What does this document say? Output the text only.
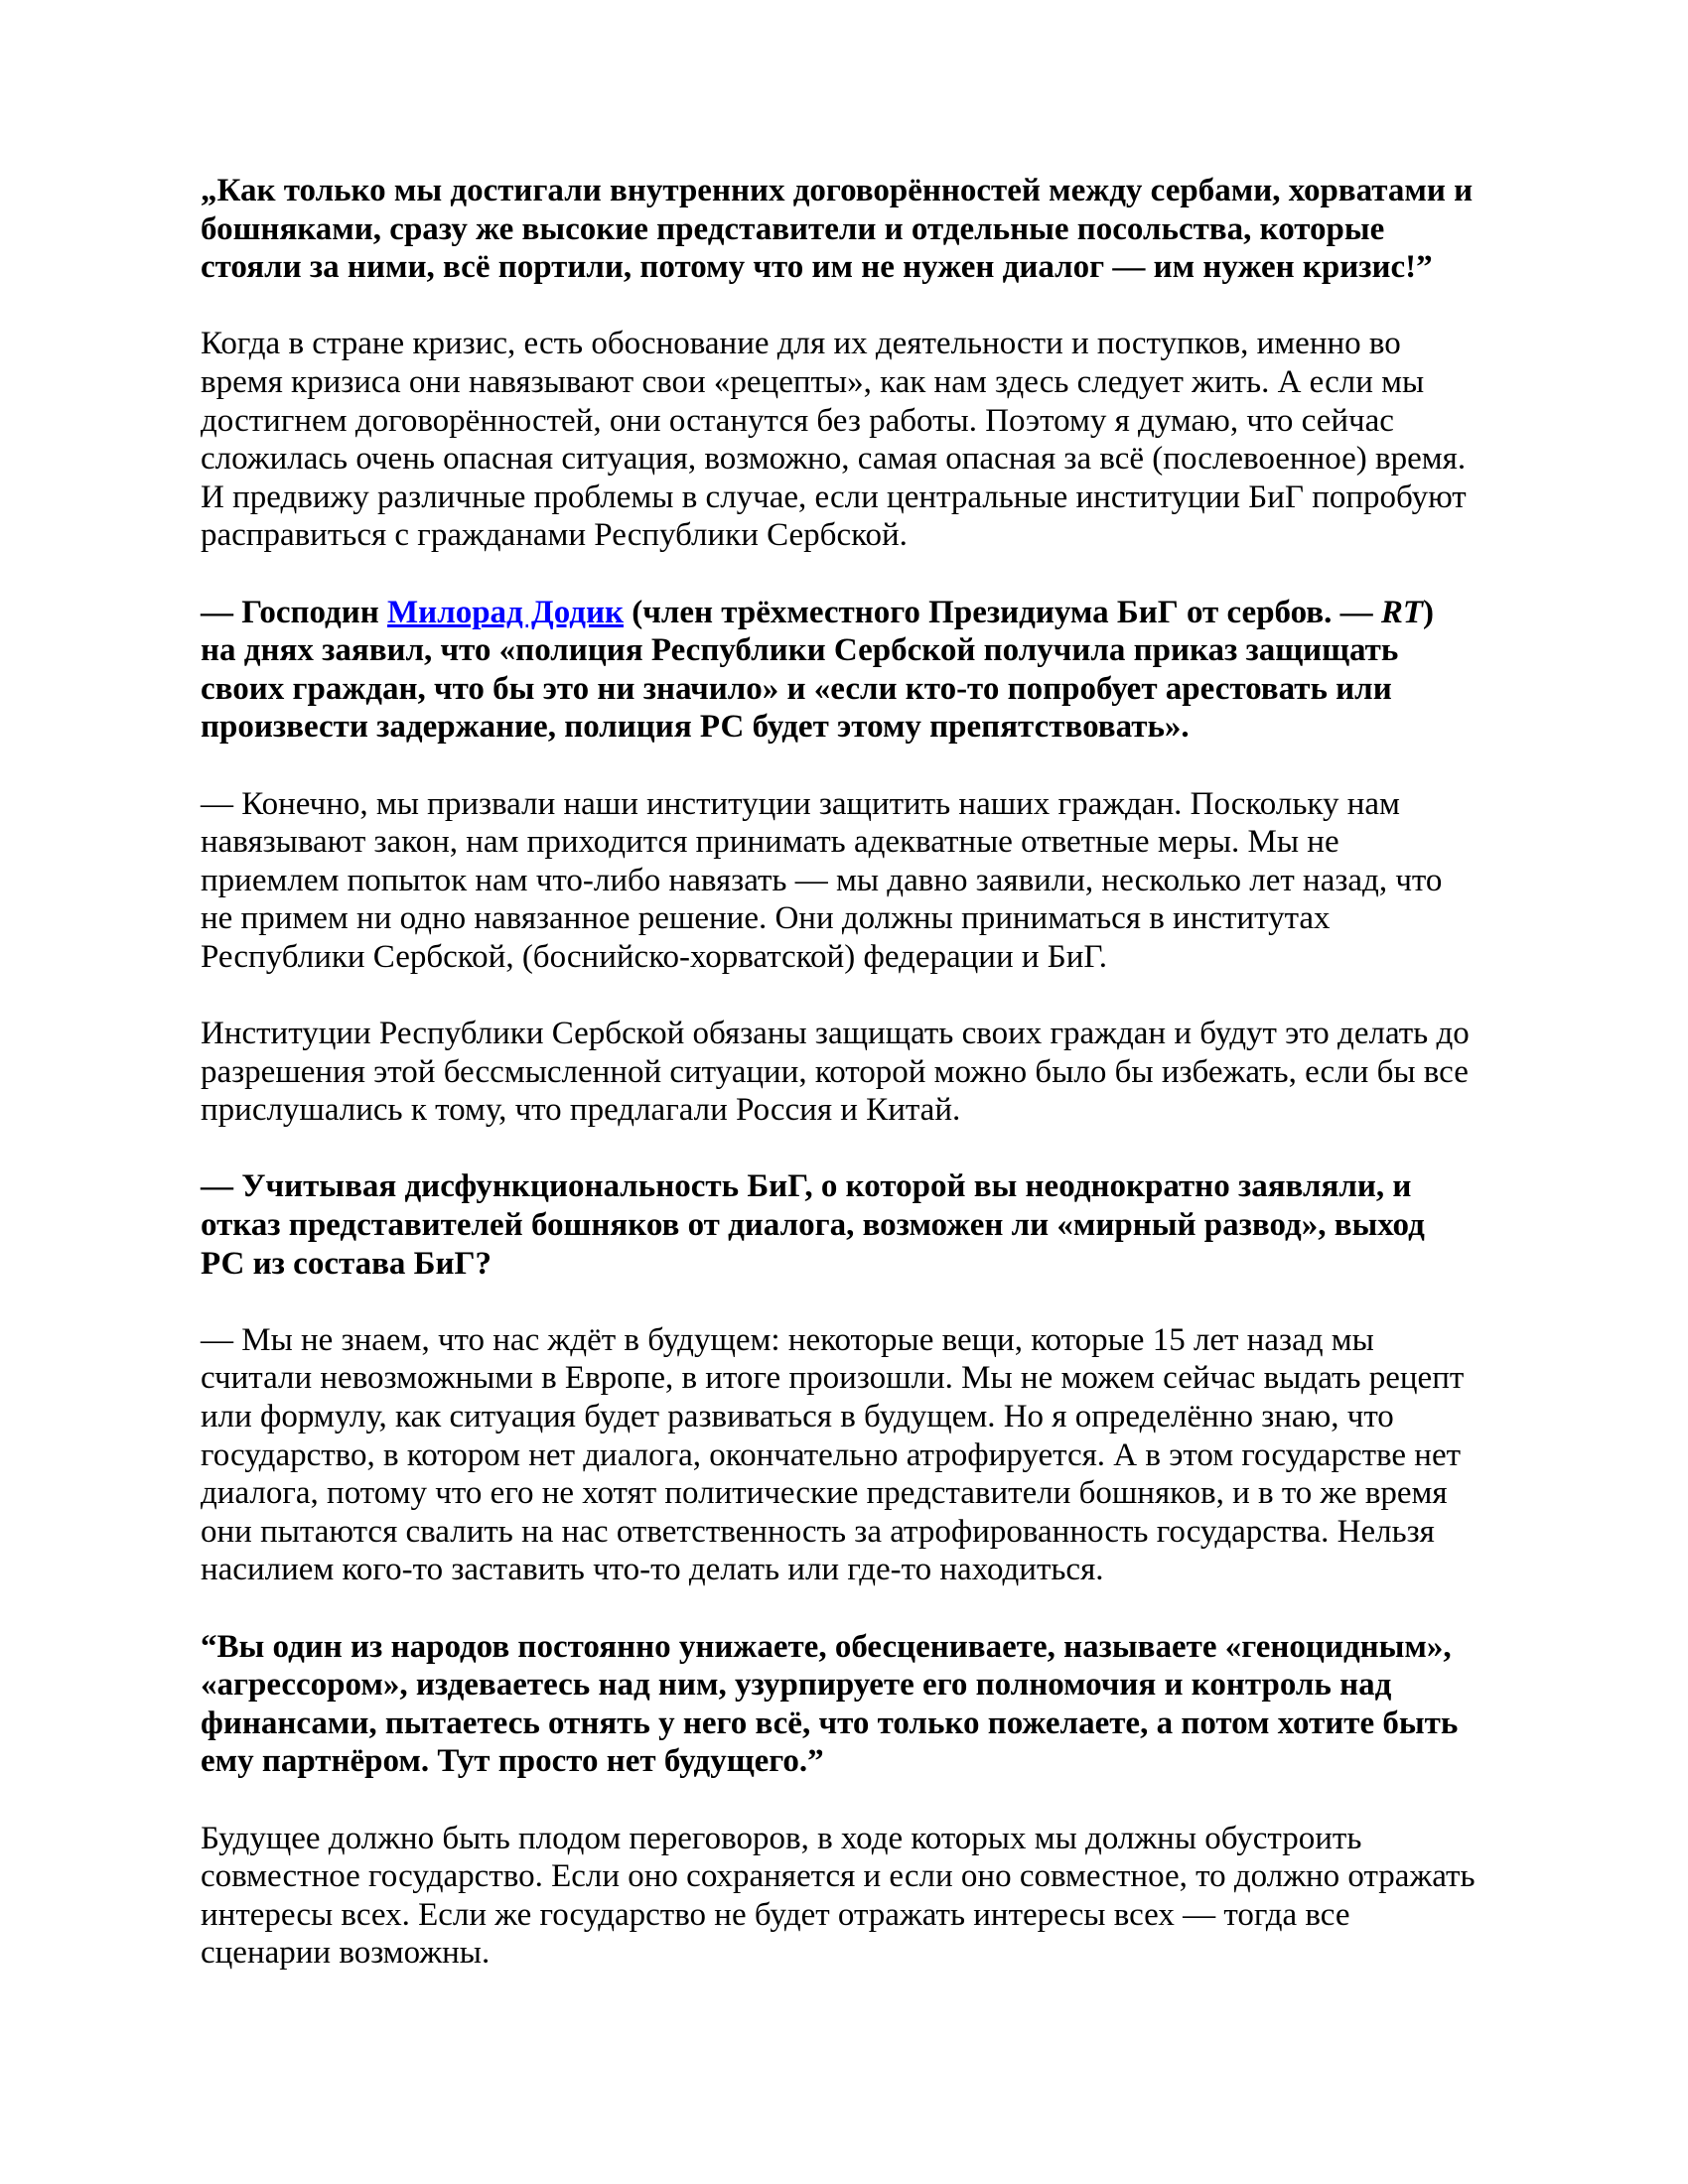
„Как только мы достигали внутренних договорённостей между сербами, хорватами и
бошняками, сразу же высокие представители и отдельные посольства, которые
стояли за ними, всё портили, потому что им не нужен диалог — им нужен кризис!”

Когда в стране кризис, есть обоснование для их деятельности и поступков, именно во
время кризиса они навязывают свои «рецепты», как нам здесь следует жить. А если мы
достигнем договорённостей, они останутся без работы. Поэтому я думаю, что сейчас
сложилась очень опасная ситуация, возможно, самая опасная за всё (послевоенное) время.
И предвижу различные проблемы в случае, если центральные институции БиГ попробуют
расправиться с гражданами Республики Сербской.

— Господин Милорад Додик (член трёхместного Президиума БиГ от сербов. — RT)
на днях заявил, что «полиция Республики Сербской получила приказ защищать
своих граждан, что бы это ни значило» и «если кто-то попробует арестовать или
произвести задержание, полиция РС будет этому препятствовать».

— Конечно, мы призвали наши институции защитить наших граждан. Поскольку нам
навязывают закон, нам приходится принимать адекватные ответные меры. Мы не
приемлем попыток нам что-либо навязать — мы давно заявили, несколько лет назад, что
не примем ни одно навязанное решение. Они должны приниматься в институтах
Республики Сербской, (боснийско-хорватской) федерации и БиГ.

Институции Республики Сербской обязаны защищать своих граждан и будут это делать до
разрешения этой бессмысленной ситуации, которой можно было бы избежать, если бы все
прислушались к тому, что предлагали Россия и Китай.

— Учитывая дисфункциональность БиГ, о которой вы неоднократно заявляли, и
отказ представителей бошняков от диалога, возможен ли «мирный развод», выход
РС из состава БиГ?

— Мы не знаем, что нас ждёт в будущем: некоторые вещи, которые 15 лет назад мы
считали невозможными в Европе, в итоге произошли. Мы не можем сейчас выдать рецепт
или формулу, как ситуация будет развиваться в будущем. Но я определённо знаю, что
государство, в котором нет диалога, окончательно атрофируется. А в этом государстве нет
диалога, потому что его не хотят политические представители бошняков, и в то же время
они пытаются свалить на нас ответственность за атрофированность государства. Нельзя
насилием кого-то заставить что-то делать или где-то находиться.

“Вы один из народов постоянно унижаете, обесцениваете, называете «геноцидным»,
«агрессором», издеваетесь над ним, узурпируете его полномочия и контроль над
финансами, пытаетесь отнять у него всё, что только пожелаете, а потом хотите быть
ему партнёром. Тут просто нет будущего.”

Будущее должно быть плодом переговоров, в ходе которых мы должны обустроить
совместное государство. Если оно сохраняется и если оно совместное, то должно отражать
интересы всех. Если же государство не будет отражать интересы всех — тогда все
сценарии возможны.
